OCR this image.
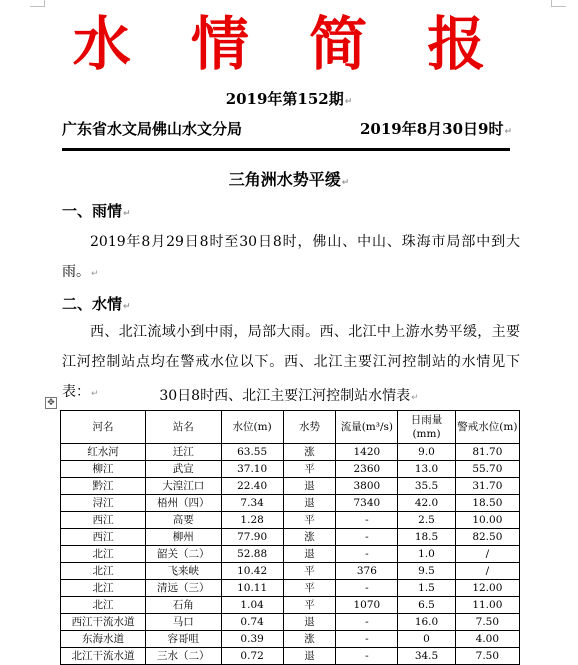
水 情 简 报
2019年第152期↵
广东省水文局佛山水文分局	2019年8月30日9时↵
三角洲水势平缓↵
一、雨情↵
2019年8月29日8时至30日8时，佛山、中山、珠海市局部中到大雨。↵
二、水情↵
西、北江流域小到中雨，局部大雨。西、北江中上游水势平缓，主要江河控制站点均在警戒水位以下。西、北江主要江河控制站的水情见下表：↵	30日8时西、北江主要江河控制站水情表↵
✥
河名	站名	水位(m)	水势	流量(m³/s)	日雨量(mm)	警戒水位(m)
红水河	迁江	63.55	涨	1420	9.0	81.70
柳江	武宣	37.10	平	2360	13.0	55.70
黔江	大湟江口	22.40	退	3800	35.5	31.70
浔江	梧州（四）	7.34	退	7340	42.0	18.50
西江	高要	1.28	平	-	2.5	10.00
西江	柳州	77.90	涨	-	18.5	82.50
北江	韶关（二）	52.88	退	-	1.0	/
北江	飞来峡	10.42	平	376	9.5	/
北江	清远（三）	10.11	平	-	1.5	12.00
北江	石角	1.04	平	1070	6.5	11.00
西江干流水道	马口	0.74	退	-	16.0	7.50
东海水道	容哥咀	0.39	涨	-	0	4.00
北江干流水道	三水（二）	0.72	退	-	34.5	7.50
